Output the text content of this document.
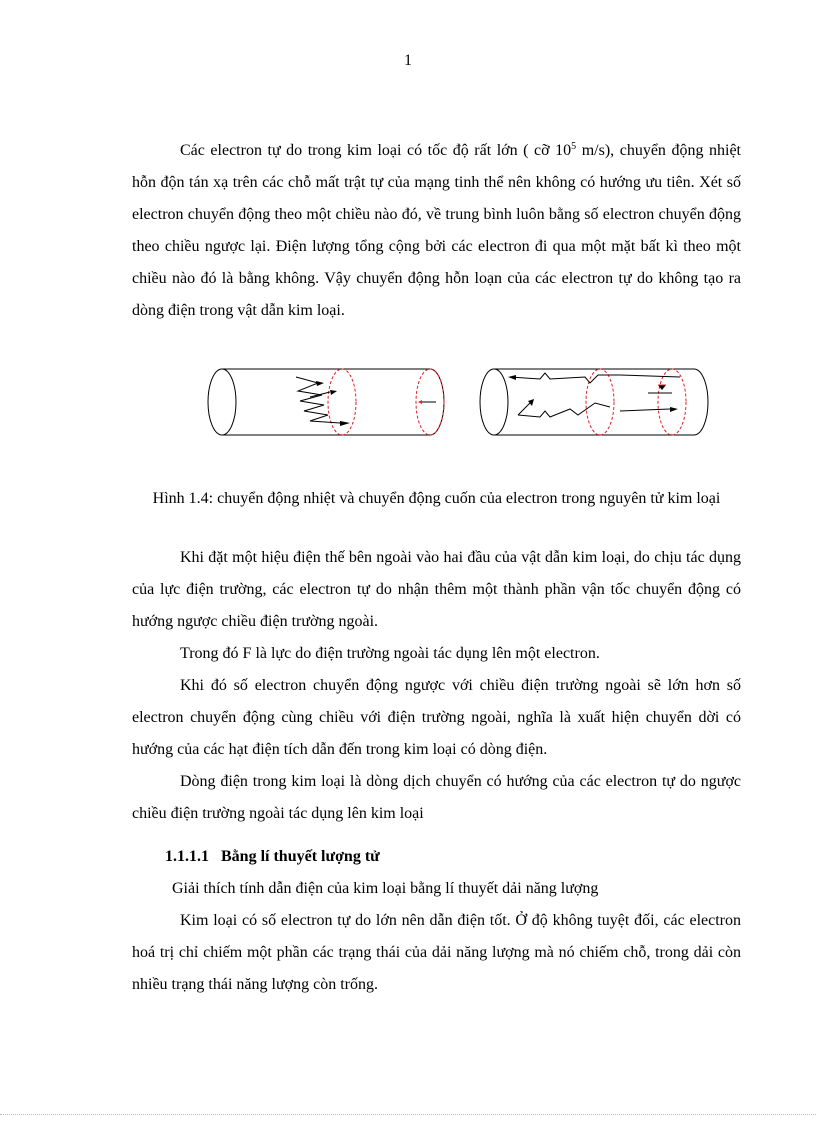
1

Các electron tự do trong kim loại có tốc độ rất lớn ( cỡ $10^5$ m/s), chuyển động nhiệt hỗn độn tán xạ trên các chỗ mất trật tự của mạng tinh thể nên không có hướng ưu tiên. Xét số electron chuyển động theo một chiều nào đó, về trung bình luôn bằng số electron chuyển động theo chiều ngược lại. Điện lượng tổng cộng bởi các electron đi qua một mặt bất kì theo một chiều nào đó là bằng không. Vậy chuyển động hỗn loạn của các electron tự do không tạo ra dòng điện trong vật dẫn kim loại.

Hình 1.4: chuyển động nhiệt và chuyển động cuốn của electron trong nguyên tử kim loại

Khi đặt một hiệu điện thế bên ngoài vào hai đầu của vật dẫn kim loại, do chịu tác dụng của lực điện trường, các electron tự do nhận thêm một thành phần vận tốc chuyển động có hướng ngược chiều điện trường ngoài.

Trong đó F là lực do điện trường ngoài tác dụng lên một electron.

Khi đó số electron chuyển động ngược với chiều điện trường ngoài sẽ lớn hơn số electron chuyển động cùng chiều với điện trường ngoài, nghĩa là xuất hiện chuyển dời có hướng của các hạt điện tích dẫn đến trong kim loại có dòng điện.

Dòng điện trong kim loại là dòng dịch chuyển có hướng của các electron tự do ngược chiều điện trường ngoài tác dụng lên kim loại

1.1.1.1 Bằng lí thuyết lượng tử

Giải thích tính dẫn điện của kim loại bằng lí thuyết dải năng lượng

Kim loại có số electron tự do lớn nên dẫn điện tốt. Ở độ không tuyệt đối, các electron hoá trị chỉ chiếm một phần các trạng thái của dải năng lượng mà nó chiếm chỗ, trong dải còn nhiều trạng thái năng lượng còn trống.
